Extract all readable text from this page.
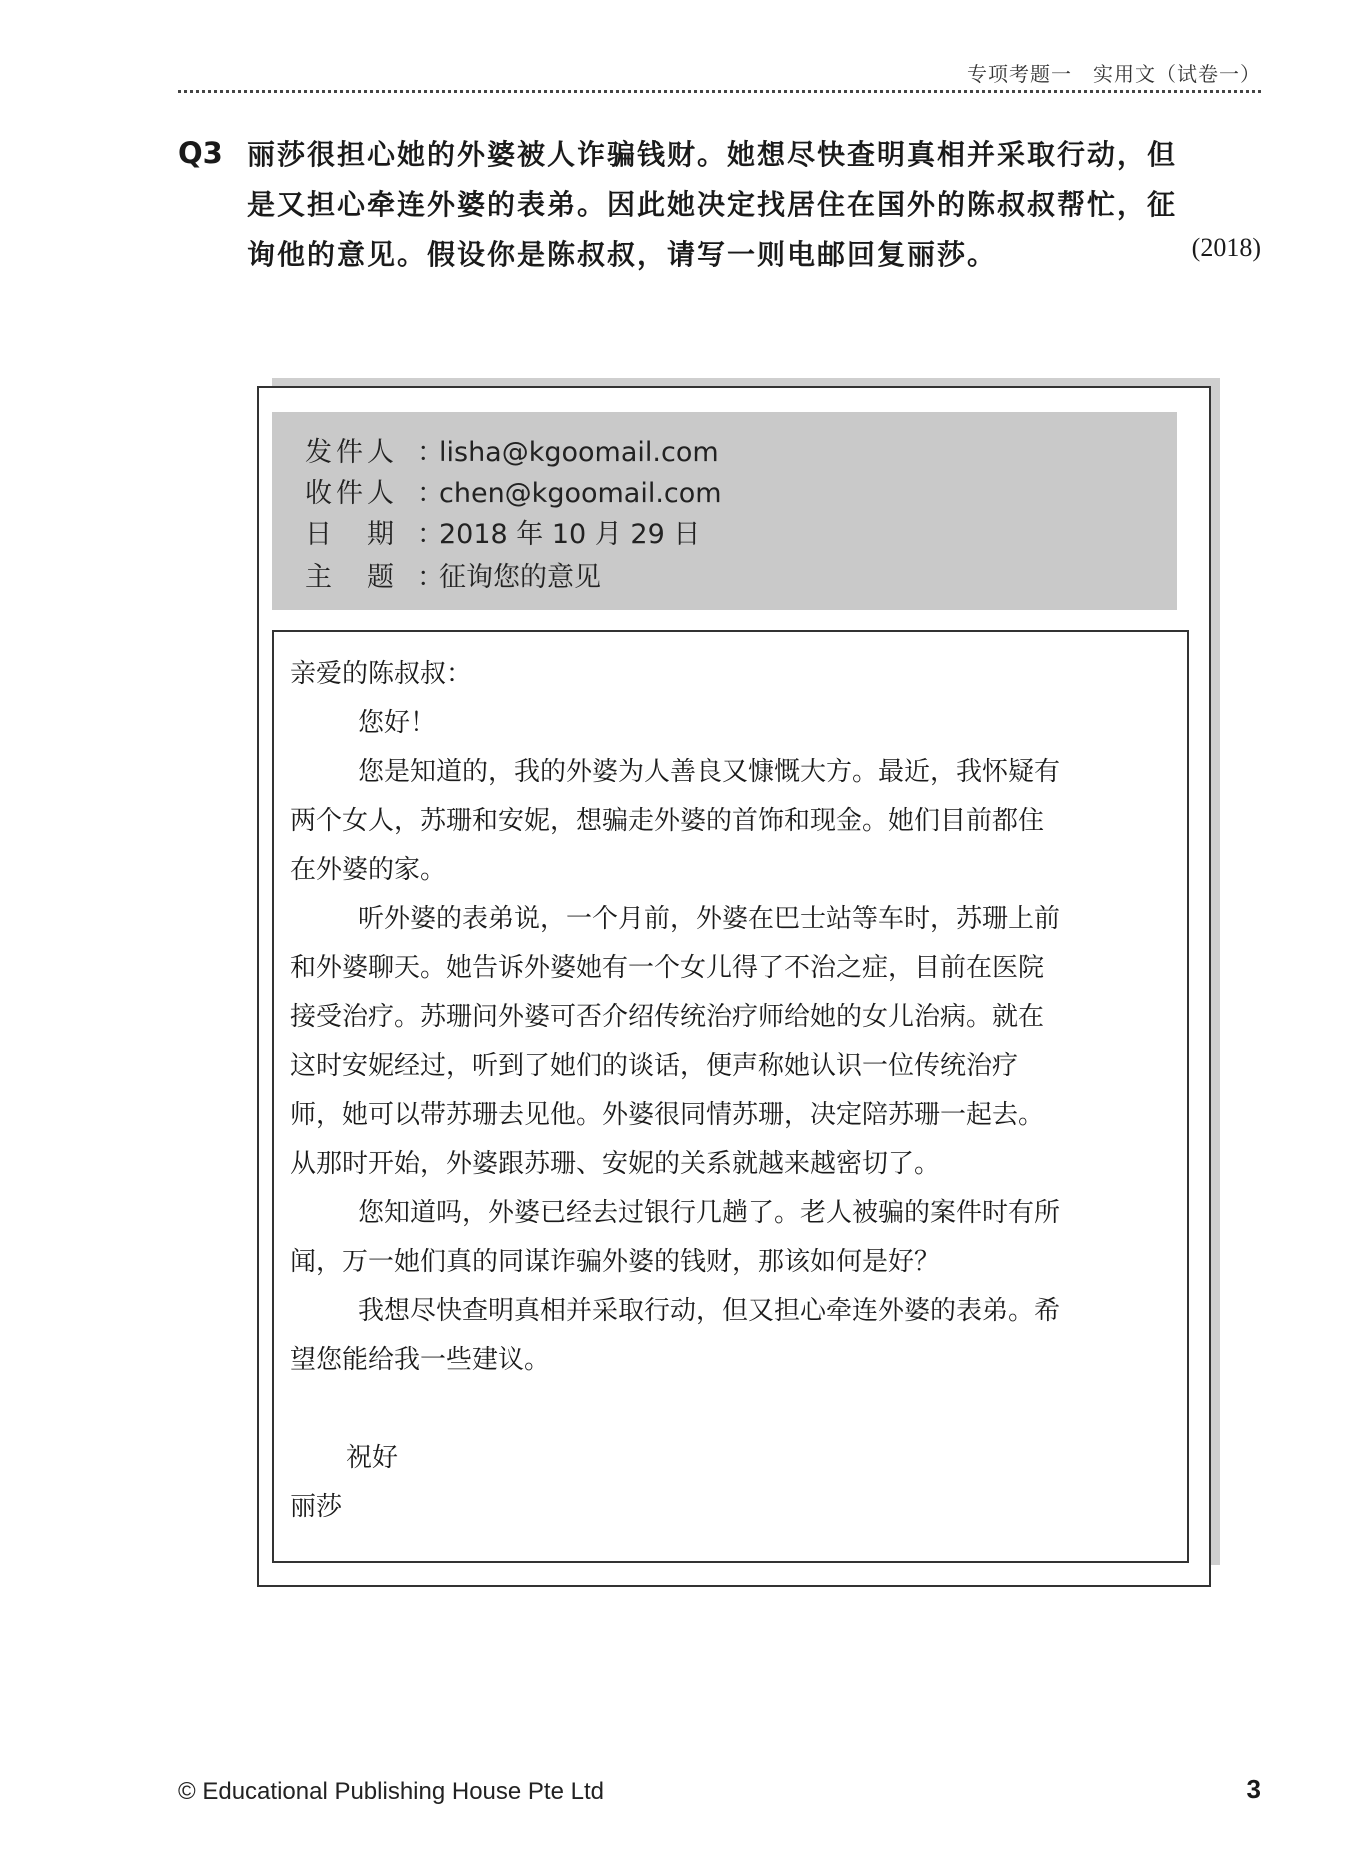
专项考题一　实用文（试卷一）
Q3 丽莎很担心她的外婆被人诈骗钱财。她想尽快查明真相并采取行动，但
是又担心牵连外婆的表弟。因此她决定找居住在国外的陈叔叔帮忙，征
询他的意见。假设你是陈叔叔，请写一则电邮回复丽莎。	(2018)
发件人 ：lisha@kgoomail.com
收件人 ：chen@kgoomail.com
日　期 ：2018 年 10 月 29 日
主　题 ：征询您的意见

亲爱的陈叔叔：

您好！

您是知道的，我的外婆为人善良又慷慨大方。最近，我怀疑有
两个女人，苏珊和安妮，想骗走外婆的首饰和现金。她们目前都住
在外婆的家。

听外婆的表弟说，一个月前，外婆在巴士站等车时，苏珊上前
和外婆聊天。她告诉外婆她有一个女儿得了不治之症，目前在医院
接受治疗。苏珊问外婆可否介绍传统治疗师给她的女儿治病。就在
这时安妮经过，听到了她们的谈话，便声称她认识一位传统治疗
师，她可以带苏珊去见他。外婆很同情苏珊，决定陪苏珊一起去。
从那时开始，外婆跟苏珊、安妮的关系就越来越密切了。

您知道吗，外婆已经去过银行几趟了。老人被骗的案件时有所
闻，万一她们真的同谋诈骗外婆的钱财，那该如何是好？

我想尽快查明真相并采取行动，但又担心牵连外婆的表弟。希
望您能给我一些建议。

祝好

丽莎

© Educational Publishing House Pte Ltd	3
